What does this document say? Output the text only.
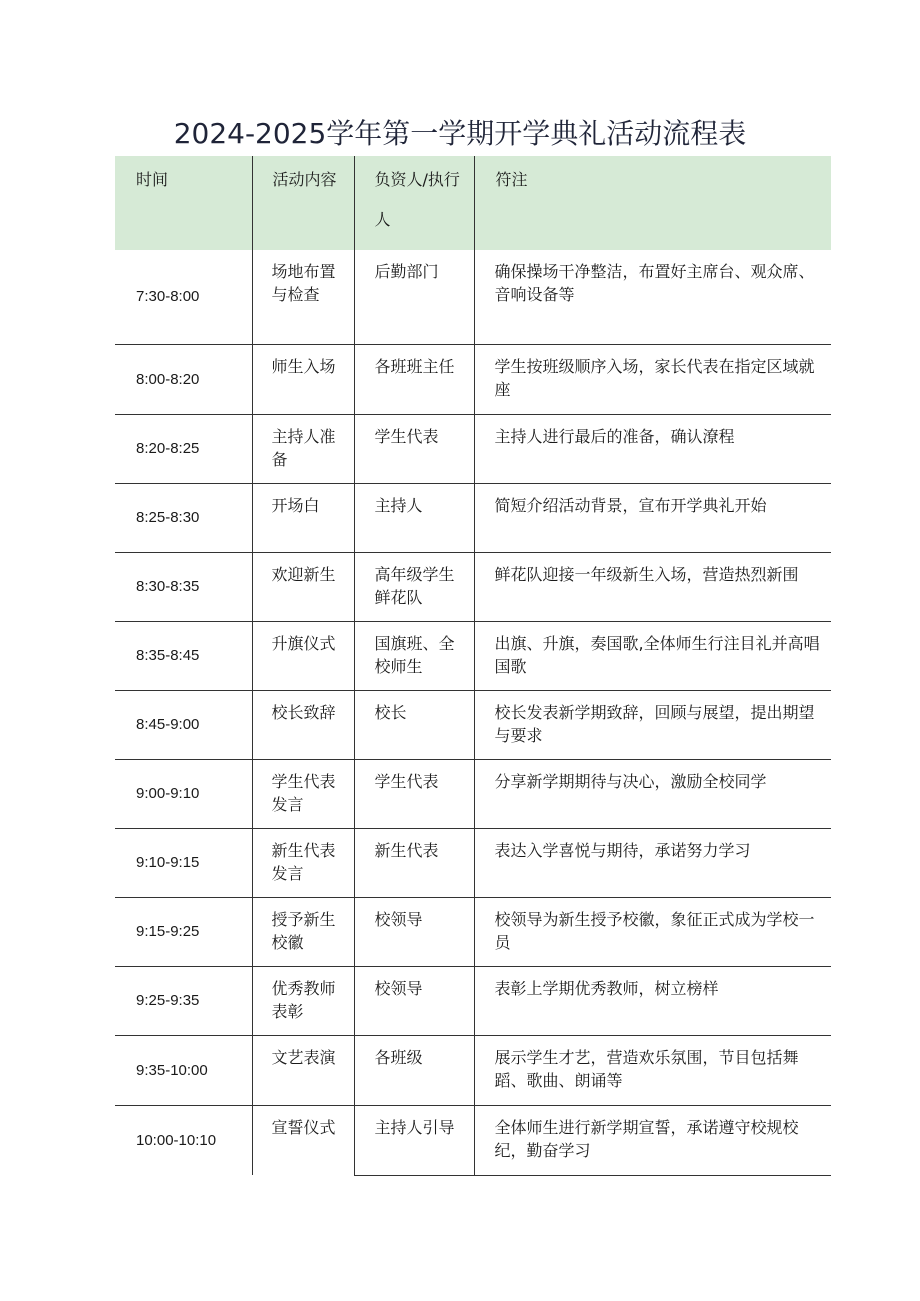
2024-2025学年第一学期开学典礼活动流程表
时间	活动内容	负资人/执行人	符注
7:30-8:00	场地布置与检查	后勤部门	确保操场干净整洁，布置好主席台、观众席、音响设备等
8:00-8:20	师生入场	各班班主任	学生按班级顺序入场，家长代表在指定区域就座
8:20-8:25	主持人准备	学生代表	主持人进行最后的准备，确认潦程
8:25-8:30	开场白	主持人	简短介绍活动背景，宣布开学典礼开始
8:30-8:35	欢迎新生	高年级学生鲜花队	鲜花队迎接一年级新生入场，营造热烈新围
8:35-8:45	升旗仪式	国旗班、全校师生	出旗、升旗，奏国歌,全体师生行注目礼并高唱国歌
8:45-9:00	校长致辞	校长	校长发表新学期致辞，回顾与展望，提出期望与要求
9:00-9:10	学生代表发言	学生代表	分享新学期期待与决心，激励全校同学
9:10-9:15	新生代表发言	新生代表	表达入学喜悦与期待，承诺努力学习
9:15-9:25	授予新生校徽	校领导	校领导为新生授予校徽，象征正式成为学校一员
9:25-9:35	优秀教师表彰	校领导	表彰上学期优秀教师，树立榜样
9:35-10:00	文艺表演	各班级	展示学生才艺，营造欢乐氛围，节目包括舞蹈、歌曲、朗诵等
10:00-10:10	宣誓仪式	主持人引导	全体师生进行新学期宣誓，承诺遵守校规校纪，勤奋学习
